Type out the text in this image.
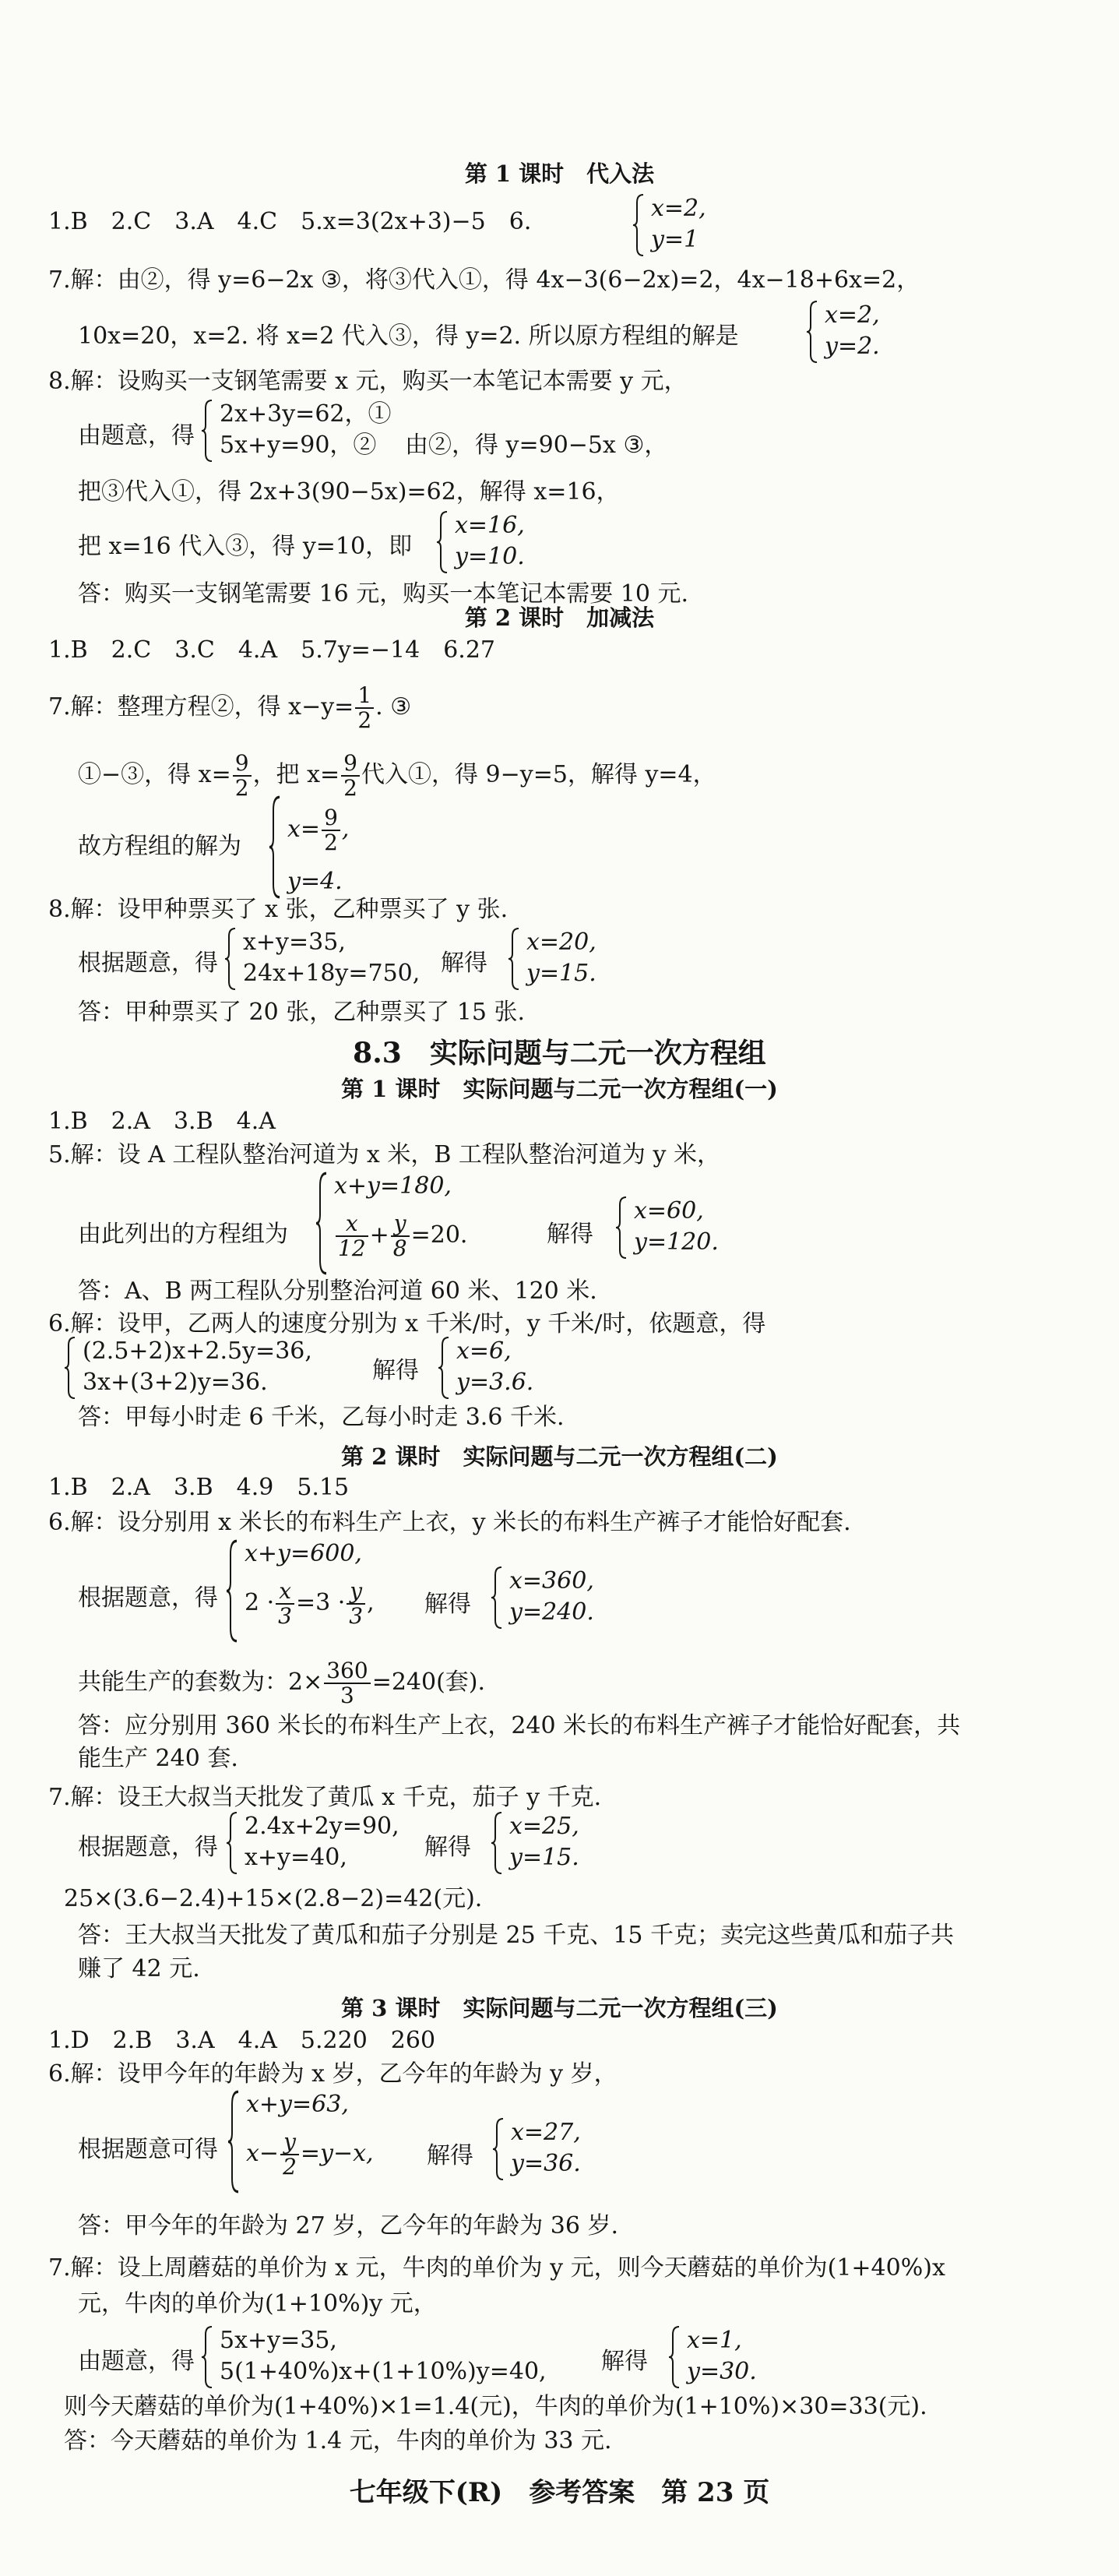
第 1 课时　代入法
1.B　2.C　3.A　4.C　5.x=3(2x+3)−5　6.	x=2,
y=1
7.解：由②，得 y=6−2x ③，将③代入①，得 4x−3(6−2x)=2，4x−18+6x=2，
10x=20，x=2. 将 x=2 代入③，得 y=2. 所以原方程组的解是
x=2,
y=2.
8.解：设购买一支钢笔需要 x 元，购买一本笔记本需要 y 元，
由题意，得
2x+3y=62，①
5x+y=90，② 由②，得 y=90−5x ③，
把③代入①，得 2x+3(90−5x)=62，解得 x=16，
把 x=16 代入③，得 y=10，即
x=16,
y=10.
答：购买一支钢笔需要 16 元，购买一本笔记本需要 10 元.
第 2 课时　加减法
1.B　2.C　3.C　4.A　5.7y=−14　6.27
7.解：整理方程②，得 $x-y= \frac{1}{2}$ . ③
①−③，得 $x= \frac{9}{2}$ ，把 $x= \frac{9}{2}$ 代入①，得 9−y=5，解得 y=4，
故方程组的解为
$x= \frac{9}{2}$ ,
y=4.
8.解：设甲种票买了 x 张，乙种票买了 y 张.
根据题意，得
x+y=35,
24x+18y=750, 解得
x=20,
y=15.
答：甲种票买了 20 张，乙种票买了 15 张.
8.3　实际问题与二元一次方程组
第 1 课时　实际问题与二元一次方程组(一)
1.B　2.A　3.B　4.A
5.解：设 A 工程队整治河道为 x 米，B 工程队整治河道为 y 米，
由此列出的方程组为
x+y=180,
$\frac{x}{12} + \frac{y}{8} =20$.	解得
x=60,
y=120.
答：A、B 两工程队分别整治河道 60 米、120 米.
6.解：设甲，乙两人的速度分别为 x 千米/时，y 千米/时，依题意，得
(2.5+2)x+2.5y=36,
3x+(3+2)y=36.	解得
x=6,
y=3.6.
答：甲每小时走 6 千米，乙每小时走 3.6 千米.
第 2 课时　实际问题与二元一次方程组(二)
1.B　2.A　3.B　4.9　5.15
6.解：设分别用 x 米长的布料生产上衣，y 米长的布料生产裤子才能恰好配套.
根据题意，得
x+y=600,
$2 \cdot \frac{x}{3} =3 \cdot \frac{y}{3}$ , 解得
x=360,
y=240.
共能生产的套数为：$2\times \frac{360}{3} =240$(套).
答：应分别用 360 米长的布料生产上衣，240 米长的布料生产裤子才能恰好配套，共
能生产 240 套.
7.解：设王大叔当天批发了黄瓜 x 千克，茄子 y 千克.
根据题意，得
2.4x+2y=90,
x+y=40,	解得
x=25,
y=15.
25×(3.6−2.4)+15×(2.8−2)=42(元).
答：王大叔当天批发了黄瓜和茄子分别是 25 千克、15 千克；卖完这些黄瓜和茄子共
赚了 42 元.
第 3 课时　实际问题与二元一次方程组(三)
1.D　2.B　3.A　4.A　5.220　260
6.解：设甲今年的年龄为 x 岁，乙今年的年龄为 y 岁，
根据题意可得
x+y=63,
$x- \frac{y}{2} =y-x$, 解得
x=27,
y=36.
答：甲今年的年龄为 27 岁，乙今年的年龄为 36 岁.
7.解：设上周蘑菇的单价为 x 元，牛肉的单价为 y 元，则今天蘑菇的单价为(1+40%)x
元，牛肉的单价为(1+10%)y 元，
由题意，得
5x+y=35,
5(1+40%)x+(1+10%)y=40, 解得
x=1,
y=30.
则今天蘑菇的单价为(1+40%)×1=1.4(元)，牛肉的单价为(1+10%)×30=33(元).
答：今天蘑菇的单价为 1.4 元，牛肉的单价为 33 元.
七年级下(R)　参考答案　第 23 页
